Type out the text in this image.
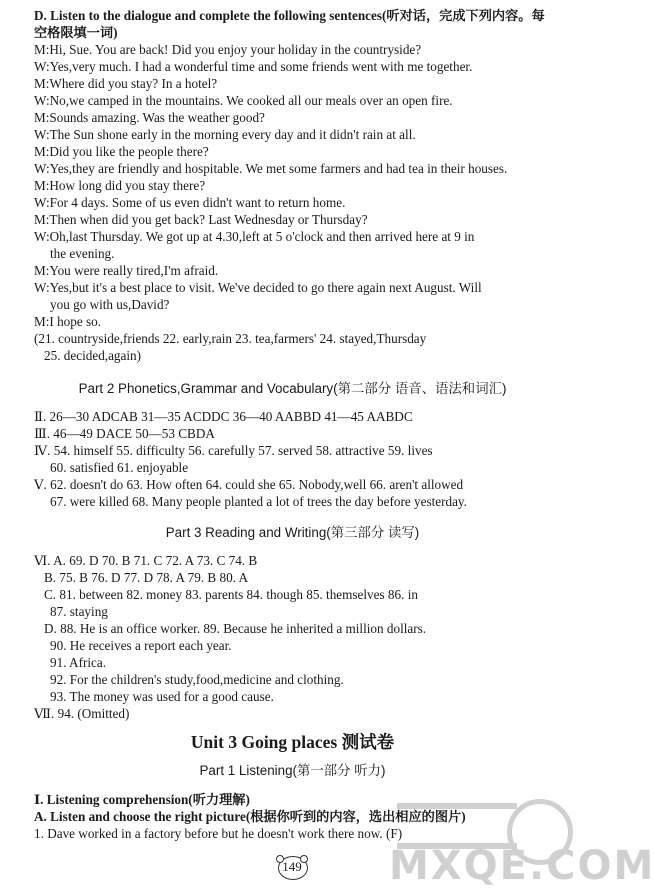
D. Listen to the dialogue and complete the following sentences(听对话，完成下列内容。每
空格限填一词)
M:Hi, Sue. You are back! Did you enjoy your holiday in the countryside?
W:Yes,very much. I had a wonderful time and some friends went with me together.
M:Where did you stay? In a hotel?
W:No,we camped in the mountains. We cooked all our meals over an open fire.
M:Sounds amazing. Was the weather good?
W:The Sun shone early in the morning every day and it didn't rain at all.
M:Did you like the people there?
W:Yes,they are friendly and hospitable. We met some farmers and had tea in their houses.
M:How long did you stay there?
W:For 4 days. Some of us even didn't want to return home.
M:Then when did you get back? Last Wednesday or Thursday?
W:Oh,last Thursday. We got up at 4.30,left at 5 o'clock and then arrived here at 9 in
the evening.
M:You were really tired,I'm afraid.
W:Yes,but it's a best place to visit. We've decided to go there again next August. Will
you go with us,David?
M:I hope so.
(21. countryside,friends 22. early,rain 23. tea,farmers' 24. stayed,Thursday
25. decided,again)
Part 2 Phonetics,Grammar and Vocabulary(第二部分 语音、语法和词汇)
Ⅱ. 26—30 ADCAB 31—35 ACDDC 36—40 AABBD 41—45 AABDC
Ⅲ. 46—49 DACE 50—53 CBDA
Ⅳ. 54. himself 55. difficulty 56. carefully 57. served 58. attractive 59. lives
60. satisfied 61. enjoyable
Ⅴ. 62. doesn't do 63. How often 64. could she 65. Nobody,well 66. aren't allowed
67. were killed 68. Many people planted a lot of trees the day before yesterday.
Part 3 Reading and Writing(第三部分 读写)
Ⅵ. A. 69. D 70. B 71. C 72. A 73. C 74. B
B. 75. B 76. D 77. D 78. A 79. B 80. A
C. 81. between 82. money 83. parents 84. though 85. themselves 86. in
87. staying
D. 88. He is an office worker. 89. Because he inherited a million dollars.
90. He receives a report each year.
91. Africa.
92. For the children's study,food,medicine and clothing.
93. The money was used for a good cause.
Ⅶ. 94. (Omitted)
Unit 3 Going places 测试卷
Part 1 Listening(第一部分 听力)
Ⅰ. Listening comprehension(听力理解)
A. Listen and choose the right picture(根据你听到的内容，选出相应的图片)
1. Dave worked in a factory before but he doesn't work there now. (F)
149	MXQE.COM
